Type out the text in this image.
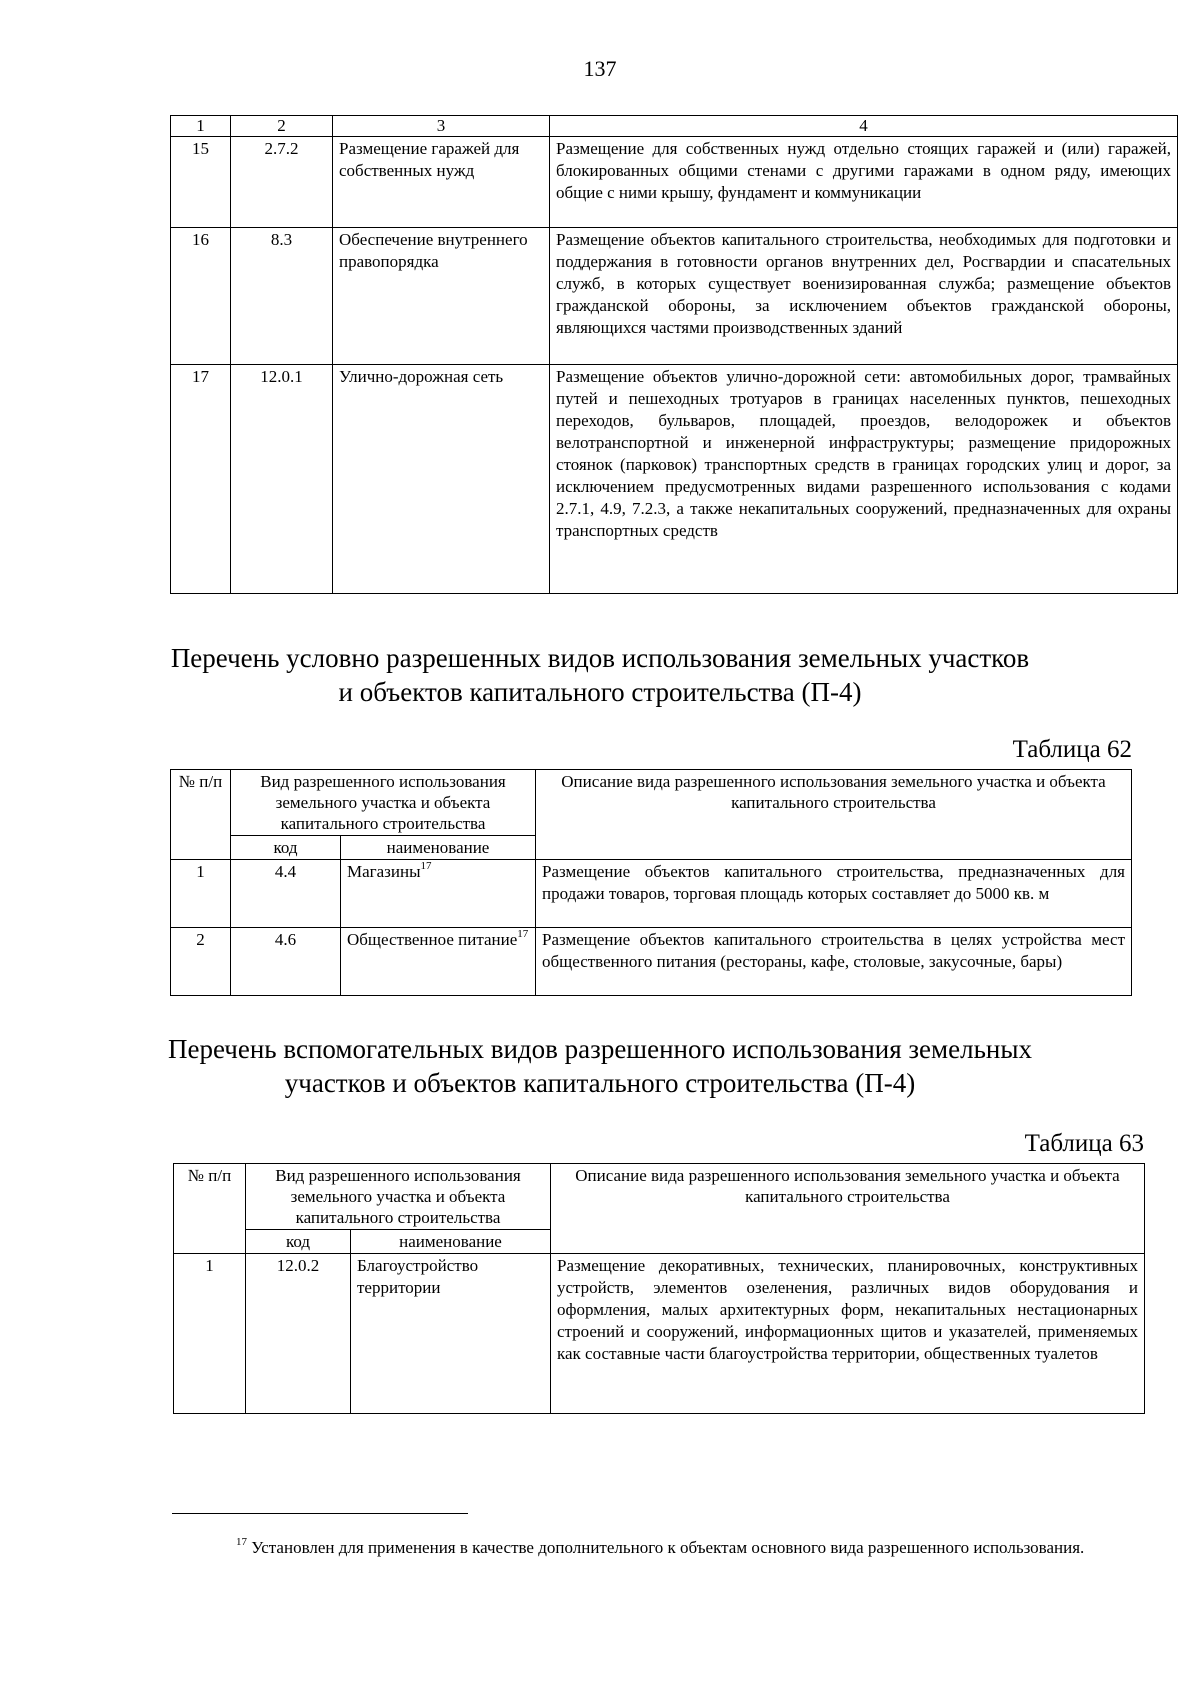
137
1	2	3	4
15	2.7.2	Размещение гаражей для собственных нужд	Размещение для собственных нужд отдельно стоящих гаражей и (или) гаражей, блокированных общими стенами с другими гаражами в одном ряду, имеющих общие с ними крышу, фундамент и коммуникации
16	8.3	Обеспечение внутреннего правопорядка	Размещение объектов капитального строительства, необходимых для подготовки и поддержания в готовности органов внутренних дел, Росгвардии и спасательных служб, в которых существует военизированная служба; размещение объектов гражданской обороны, за исключением объектов гражданской обороны, являющихся частями производственных зданий
17	12.0.1	Улично-дорожная сеть	Размещение объектов улично-дорожной сети: автомобильных дорог, трамвайных путей и пешеходных тротуаров в границах населенных пунктов, пешеходных переходов, бульваров, площадей, проездов, велодорожек и объектов велотранспортной и инженерной инфраструктуры; размещение придорожных стоянок (парковок) транспортных средств в границах городских улиц и дорог, за исключением предусмотренных видами разрешенного использования с кодами 2.7.1, 4.9, 7.2.3, а также некапитальных сооружений, предназначенных для охраны транспортных средств
Перечень условно разрешенных видов использования земельных участков
и объектов капитального строительства (П-4)
Таблица 62
№ п/п	Вид разрешенного использования земельного участка и объекта капитального строительства		Описание вида разрешенного использования земельного участка и объекта капитального строительства
	код	наименование	
1	4.4	Магазины$^{17}$	Размещение объектов капитального строительства, предназначенных для продажи товаров, торговая площадь которых составляет до 5000 кв. м
2	4.6	Общественное питание$^{17}$	Размещение объектов капитального строительства в целях устройства мест общественного питания (рестораны, кафе, столовые, закусочные, бары)
Перечень вспомогательных видов разрешенного использования земельных
участков и объектов капитального строительства (П-4)
Таблица 63
№ п/п	Вид разрешенного использования земельного участка и объекта капитального строительства		Описание вида разрешенного использования земельного участка и объекта капитального строительства
	код	наименование	
1	12.0.2	Благоустройство территории	Размещение декоративных, технических, планировочных, конструктивных устройств, элементов озеленения, различных видов оборудования и оформления, малых архитектурных форм, некапитальных нестационарных строений и сооружений, информационных щитов и указателей, применяемых как составные части благоустройства территории, общественных туалетов
$^{17}$ Установлен для применения в качестве дополнительного к объектам основного вида разрешенного использования.
